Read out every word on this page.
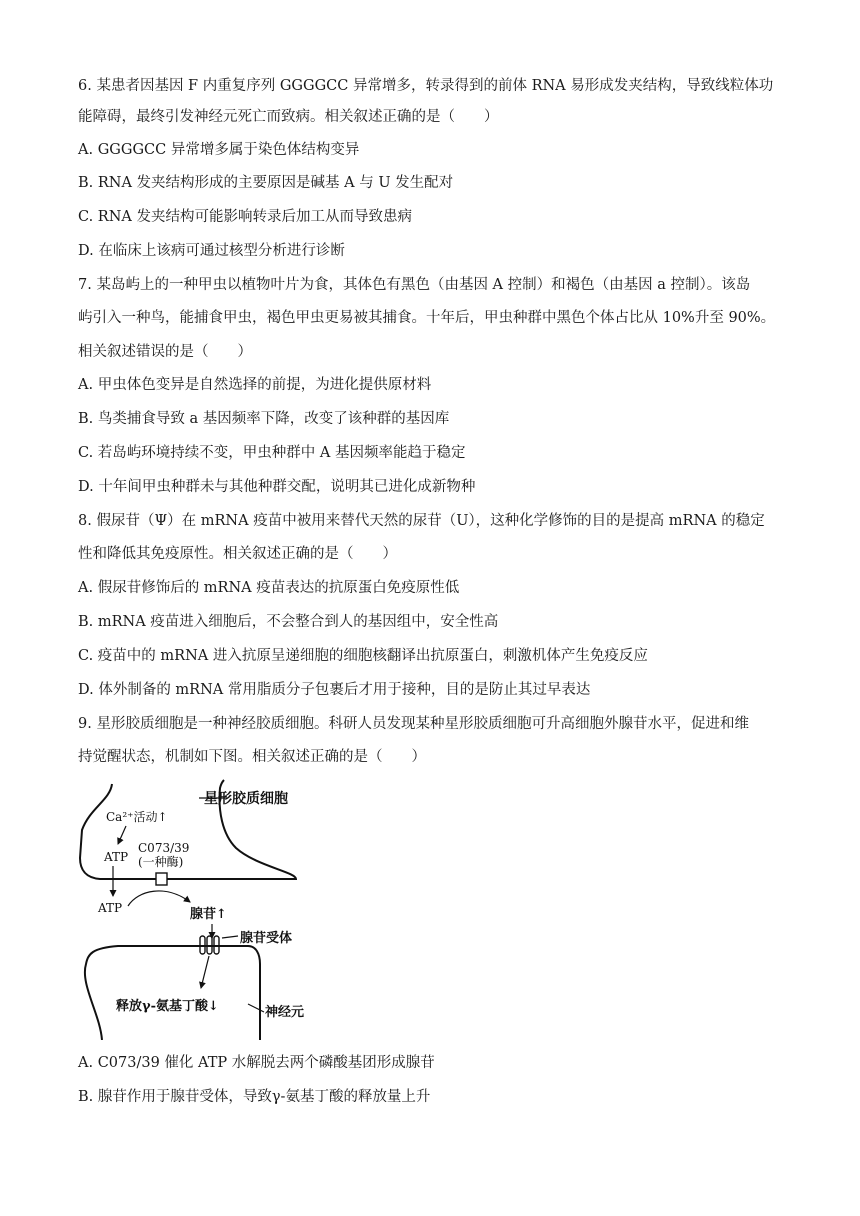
6. 某患者因基因 F 内重复序列 GGGGCC 异常增多，转录得到的前体 RNA 易形成发夹结构，导致线粒体功
能障碍，最终引发神经元死亡而致病。相关叙述正确的是（　　）
A. GGGGCC 异常增多属于染色体结构变异
B. RNA 发夹结构形成的主要原因是碱基 A 与 U 发生配对
C. RNA 发夹结构可能影响转录后加工从而导致患病
D. 在临床上该病可通过核型分析进行诊断
7. 某岛屿上的一种甲虫以植物叶片为食，其体色有黑色（由基因 A 控制）和褐色（由基因 a 控制）。该岛
屿引入一种鸟，能捕食甲虫，褐色甲虫更易被其捕食。十年后，甲虫种群中黑色个体占比从 10%升至 90%。
相关叙述错误的是（　　）
A. 甲虫体色变异是自然选择的前提，为进化提供原材料
B. 鸟类捕食导致 a 基因频率下降，改变了该种群的基因库
C. 若岛屿环境持续不变，甲虫种群中 A 基因频率能趋于稳定
D. 十年间甲虫种群未与其他种群交配，说明其已进化成新物种
8. 假尿苷（Ψ）在 mRNA 疫苗中被用来替代天然的尿苷（U），这种化学修饰的目的是提高 mRNA 的稳定
性和降低其免疫原性。相关叙述正确的是（　　）
A. 假尿苷修饰后的 mRNA 疫苗表达的抗原蛋白免疫原性低
B. mRNA 疫苗进入细胞后，不会整合到人的基因组中，安全性高
C. 疫苗中的 mRNA 进入抗原呈递细胞的细胞核翻译出抗原蛋白，刺激机体产生免疫反应
D. 体外制备的 mRNA 常用脂质分子包裹后才用于接种，目的是防止其过早表达
9. 星形胶质细胞是一种神经胶质细胞。科研人员发现某种星形胶质细胞可升高细胞外腺苷水平，促进和维
持觉醒状态，机制如下图。相关叙述正确的是（　　）
星形胶质细胞
Ca²⁺活动↑
ATP
C073/39
(一种酶)
ATP	腺苷↑
腺苷受体
释放γ-氨基丁酸↓	神经元
A. C073/39 催化 ATP 水解脱去两个磷酸基团形成腺苷
B. 腺苷作用于腺苷受体，导致γ-氨基丁酸的释放量上升
